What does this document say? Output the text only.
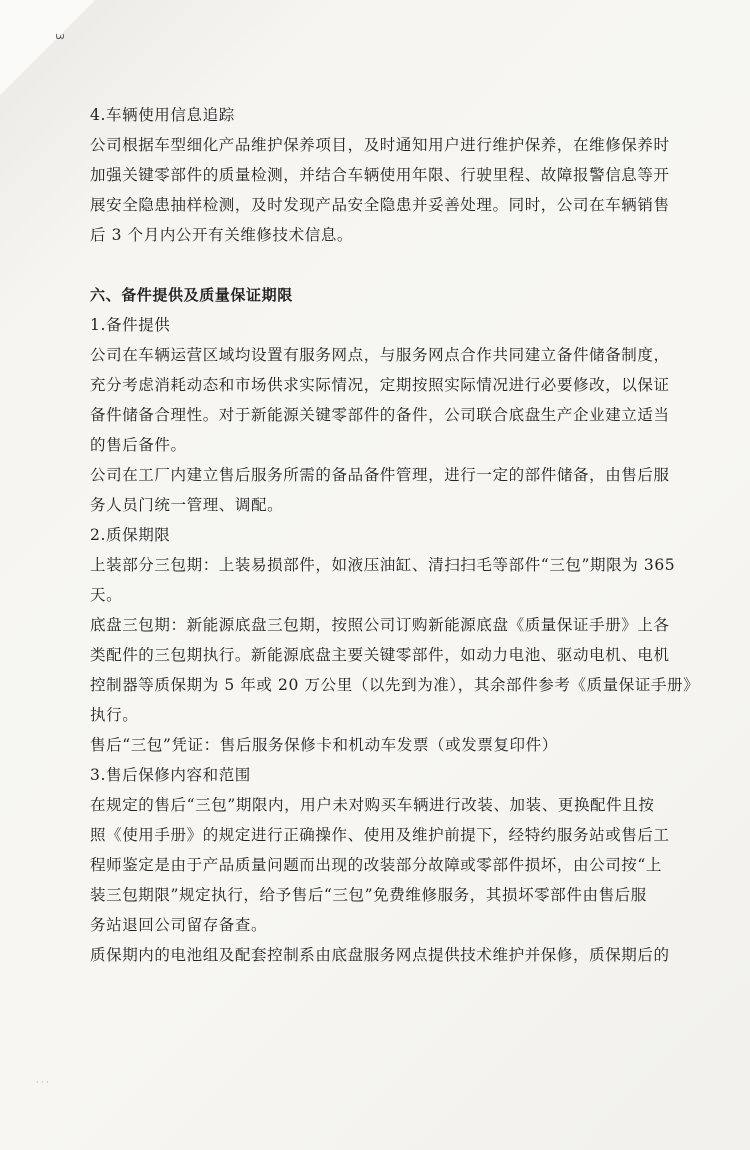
3
4.车辆使用信息追踪
公司根据车型细化产品维护保养项目，及时通知用户进行维护保养，在维修保养时
加强关键零部件的质量检测，并结合车辆使用年限、行驶里程、故障报警信息等开
展安全隐患抽样检测，及时发现产品安全隐患并妥善处理。同时，公司在车辆销售
后 3 个月内公开有关维修技术信息。
六、备件提供及质量保证期限
1.备件提供
公司在车辆运营区域均设置有服务网点，与服务网点合作共同建立备件储备制度，
充分考虑消耗动态和市场供求实际情况，定期按照实际情况进行必要修改，以保证
备件储备合理性。对于新能源关键零部件的备件，公司联合底盘生产企业建立适当
的售后备件。
公司在工厂内建立售后服务所需的备品备件管理，进行一定的部件储备，由售后服
务人员门统一管理、调配。
2.质保期限
上装部分三包期：上装易损部件，如液压油缸、清扫扫毛等部件“三包”期限为 365
天。
底盘三包期：新能源底盘三包期，按照公司订购新能源底盘《质量保证手册》上各
类配件的三包期执行。新能源底盘主要关键零部件，如动力电池、驱动电机、电机
控制器等质保期为 5 年或 20 万公里（以先到为准），其余部件参考《质量保证手册》
执行。
售后“三包”凭证：售后服务保修卡和机动车发票（或发票复印件）
3.售后保修内容和范围
在规定的售后“三包”期限内，用户未对购买车辆进行改装、加装、更换配件且按
照《使用手册》的规定进行正确操作、使用及维护前提下，经特约服务站或售后工
程师鉴定是由于产品质量问题而出现的改装部分故障或零部件损坏，由公司按“上
装三包期限”规定执行，给予售后“三包”免费维修服务，其损坏零部件由售后服
务站退回公司留存备查。
质保期内的电池组及配套控制系由底盘服务网点提供技术维护并保修，质保期后的
· · ·
